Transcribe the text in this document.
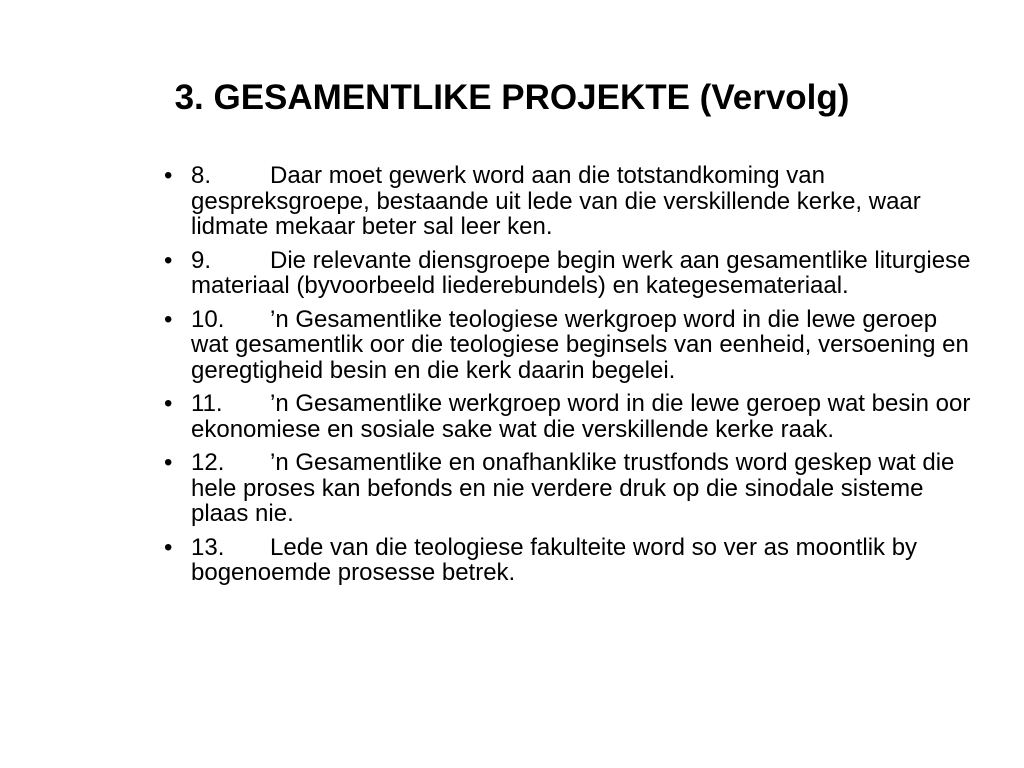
3. GESAMENTLIKE PROJEKTE (Vervolg)
• 8. Daar moet gewerk word aan die totstandkoming van gespreksgroepe, bestaande uit lede van die verskillende kerke, waar lidmate mekaar beter sal leer ken.
• 9. Die relevante diensgroepe begin werk aan gesamentlike liturgiese materiaal (byvoorbeeld liederebundels) en kategesemateriaal.
• 10. ’n Gesamentlike teologiese werkgroep word in die lewe geroep wat gesamentlik oor die teologiese beginsels van eenheid, versoening en geregtigheid besin en die kerk daarin begelei.
• 11. ’n Gesamentlike werkgroep word in die lewe geroep wat besin oor ekonomiese en sosiale sake wat die verskillende kerke raak.
• 12. ’n Gesamentlike en onafhanklike trustfonds word geskep wat die hele proses kan befonds en nie verdere druk op die sinodale sisteme plaas nie.
• 13. Lede van die teologiese fakulteite word so ver as moontlik by bogenoemde prosesse betrek.
